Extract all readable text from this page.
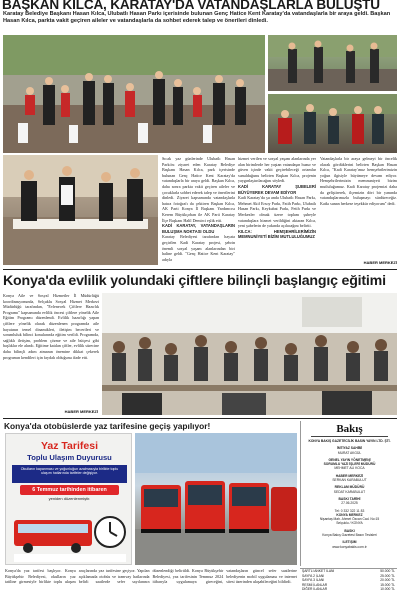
BAŞKAN KILCA, KARATAY'DA VATANDAŞLARLA BULUŞTU
Karatay Belediye Başkanı Hasan Kılca, Ulubatlı Hasan Parkı içerisinde bulunan Genç Hatice Kent Karatay'da vatandaşlarla bir araya geldi. Başkan Hasan Kılca, parkta vakit geçiren aileler ve vatandaşlarla da sohbet ederek talep ve önerileri dinledi.
Sıcak yaz günlerinde Ulubatlı Hasan Parkı'nı ziyaret eden Karatay Belediye Başkanı Hasan Kılca, park içerisinde bulunan Genç Hatice Kent Karatay'da vatandaşlarla bir araya geldi. Başkan Kılca, daha sonra parkta vakit geçiren aileler ve çocuklarla sohbet ederek talep ve önerilerini dinledi. Ziyaret kapsamında vatandaşlarla hatıra fotoğrafı da çektiren Başkan Kılca, AK Parti Konya İl Başkanı Yardımcısı Kerem Büyükçoban ile AK Parti Karatay İlçe Başkanı Halil Demirci eşlik etti.
KADİ KARATAY, VATANDAŞLARIN BULUŞMA NOKTASI OLDU
Karatay Belediyesi tarafından hayata geçirilen Kadi Karatay projesi, şehrin önemli sosyal yaşam alanlarından biri haline geldi. "Genç Hatice Kent Karatay" adıyla
hizmet verilen ve sosyal yaşam alanlarında yer alan birimlerde her yaştan vatandaşın huzur ve güven içinde vakit geçirebileceği ortamlar sunulduğunu belirten Başkan Kılca, projenin yaygınlaştırılacağını söyledi.
KADİ KARATAY ŞUBELERİ BÜYÜYEREK DEVAM EDİYOR
Kadi Karatay'da şu anda Ulubatlı Hasan Parkı, Mehmet Akif Ersoy Parkı, Fatih Parkı, Ulubatlı Hasan Parkı, Keykubat Parkı, Fetih Parkı ve Merkezler olmak üzere toplam şubeyle vatandaşlara hizmet verildiğini aktaran Kılca, yeni şubelerin de yakında açılacağını belirtti.
KILCA: HEMŞEHRİLERİMİZİN MEMNUNİYETİ BİZİM MUTLULUĞUMUZ
Vatandaşlarla bir araya gelmeyi bir öncelik olarak gördüklerini belirten Başkan Hasan Kılca, "Kadi Karatay'ımız hemşehrilerimizin yoğun ilgisiyle büyümeye devam ediyor. Hemşehrilerimizin memnuniyeti bizim mutluluğumuz. Kadi Karatay projemizi daha da geliştirerek, ilçemizin dört bir yanında vatandaşlarımızla buluşmayı sürdüreceğiz. Katkı sunan herkese teşekkür ediyorum" dedi.
HABER MERKEZİ
Konya'da evlilik yolundaki çiftlere bilinçli başlangıç eğitimi
Konya Aile ve Sosyal Hizmetler İl Müdürlüğü koordinasyonunda, Selçuklu Sosyal Hizmet Merkezi Müdürlüğü tarafından, "Evlenecek Çiftlere Hazırlık Programı" kapsamında evlilik öncesi çiftlere yönelik Aile Eğitim Programı düzenlendi. Evlilik hazırlığı yapan çiftlere yönelik olarak düzenlenen programda aile hayatının temel dinamikleri, iletişim becerileri ve sorumluluk bilinci konularında eğitim verildi. Programda, sağlıklı iletişim, problem çözme ve aile bütçesi gibi başlıklar ele alındı. Eğitime katılan çiftler, evlilik sürecine daha bilinçli adım atmanın önemine dikkat çekerek programın kendileri için faydalı olduğunu ifade etti.
HABER MERKEZİ
Konya'da otobüslerde yaz tarifesine geçiş yapılıyor!
Yaz Tarifesi
Toplu Ulaşım Duyurusu
Okulların kapanması ve yoğunluğun azalmasıyla birlikte toplu ulaşım hatlarında tarifeler değişiyor.
6 Temmuz tarihinden itibaren
yeniden düzenlenmiştir.
Konya'da yaz tarifesi başlıyor. Konya Büyükşehir Belediyesi, okulların yaz tatiline girmesiyle birlikte toplu ulaşım araçlarında yaz tarifesine geçiyor. Yapılan açıklamada otobüs ve tramvay hatlarında belirli saatlerde sefer sayılarının düzenlendiği belirtildi. Konya Büyükşehir Belediyesi, yaz tarifesinin Temmuz 2024 itibarıyla uygulamaya gireceğini, vatandaşların güncel sefer saatlerine belediyenin mobil uygulaması ve internet sitesi üzerinden ulaşabileceğini bildirdi.
Bakış
KONYA BAKIŞ GAZETECİLİK BASIN YAYIN LTD. ŞTİ.
İMTİYAZ SAHİBİ
MURAT AKGÜL
GENEL YAYIN YÖNETMENİ
SORUMLU YAZI İŞLERİ MÜDÜRÜ
MEHMET ALİ KOCA
HABER MERKEZİ
SERKAN KARABULUT
REKLAM MÜDÜRÜ
SEDAT KARABULUT
BASKI TARİHİ
27.06.2025
Tel: 0 332 322 11 83
KONYA MERKEZ
Nişantaş Mah. Ahmet Özcan Cad. No:15
Selçuklu / KONYA
BASKI
Konya Bakış Gazetesi Basın Tesisleri
ILETIŞIM
www.konyabakis.com.tr
ŞARTLI ANKET İLANI	50.000 TL
SAYFA 2 İLANI	25.000 TL
SAYFA 3 İLANI	20.000 TL
RESMİ İLANLAR	15.000 TL
DİĞER İLANLAR	10.000 TL
